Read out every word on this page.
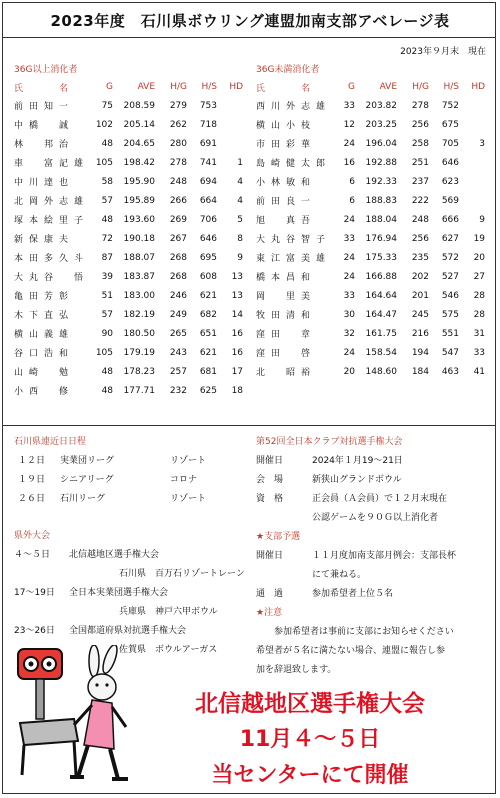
2023年度　石川県ボウリング連盟加南支部アベレージ表
2023年９月末　現在
36G以上消化者
氏　　名	G	AVE	H/G	H/S	HD
前田知一	75	208.59	279	753	
中橋　誠	102	205.14	262	718	
林　邦治	48	204.65	280	691	
車　富記雄	105	198.42	278	741	1
中川達也	58	195.90	248	694	4
北岡外志雄	57	195.89	266	664	4
塚本絵里子	48	193.60	269	706	5
新保康夫	72	190.18	267	646	8
本田多久斗	87	188.07	268	695	9
大丸谷　悟	39	183.87	268	608	13
亀田芳彰	51	183.00	246	621	13
木下直弘	57	182.19	249	682	14
横山義雄	90	180.50	265	651	16
谷口浩和	105	179.19	243	621	16
山崎　勉	48	178.23	257	681	17
小西　修	48	177.71	232	625	18
36G未満消化者
氏　　名	G	AVE	H/G	H/S	HD
西川外志雄	33	203.82	278	752	
横山小枝	12	203.25	256	675	
市田彩華	24	196.04	258	705	3
島崎健太郎	16	192.88	251	646	
小林敏和	6	192.33	237	623	
前田良一	6	188.83	222	569	
旭　真吾	24	188.04	248	666	9
大丸谷智子	33	176.94	256	627	19
東江富美雄	24	175.33	235	572	20
橋本昌和	24	166.88	202	527	27
岡　里美	33	164.64	201	546	28
牧田清和	30	164.47	245	575	28
窪田　章	32	161.75	216	551	31
窪田　啓	24	158.54	194	547	33
北　昭裕	20	148.60	184	463	41
石川県連近日日程
１２日 実業団リーグ	リゾート
１９日 シニアリーグ	コロナ
２６日 石川リーグ	リゾート
県外大会
４～５日 北信越地区選手権大会
石川県　百万石リゾートレーン
17～19日 全日本実業団選手権大会
兵庫県　神戸六甲ボウル
23～26日 全国都道府県対抗選手権大会
佐賀県　ボウルアーガス
第52回全日本クラブ対抗選手権大会
開催日	2024年１月19～21日
会　場	新狭山グランドボウル
資　格	正会員（Ａ会員）で１２月末現在
公認ゲームを９０Ｇ以上消化者
★支部予選
開催日	１１月度加南支部月例会：支部長杯
にて兼ねる。
通　過	参加希望者上位５名
★注意
参加希望者は事前に支部にお知らせください
希望者が５名に満たない場合、連盟に報告し参
加を辞退致します。
北信越地区選手権大会
11月４～５日
当センターにて開催
